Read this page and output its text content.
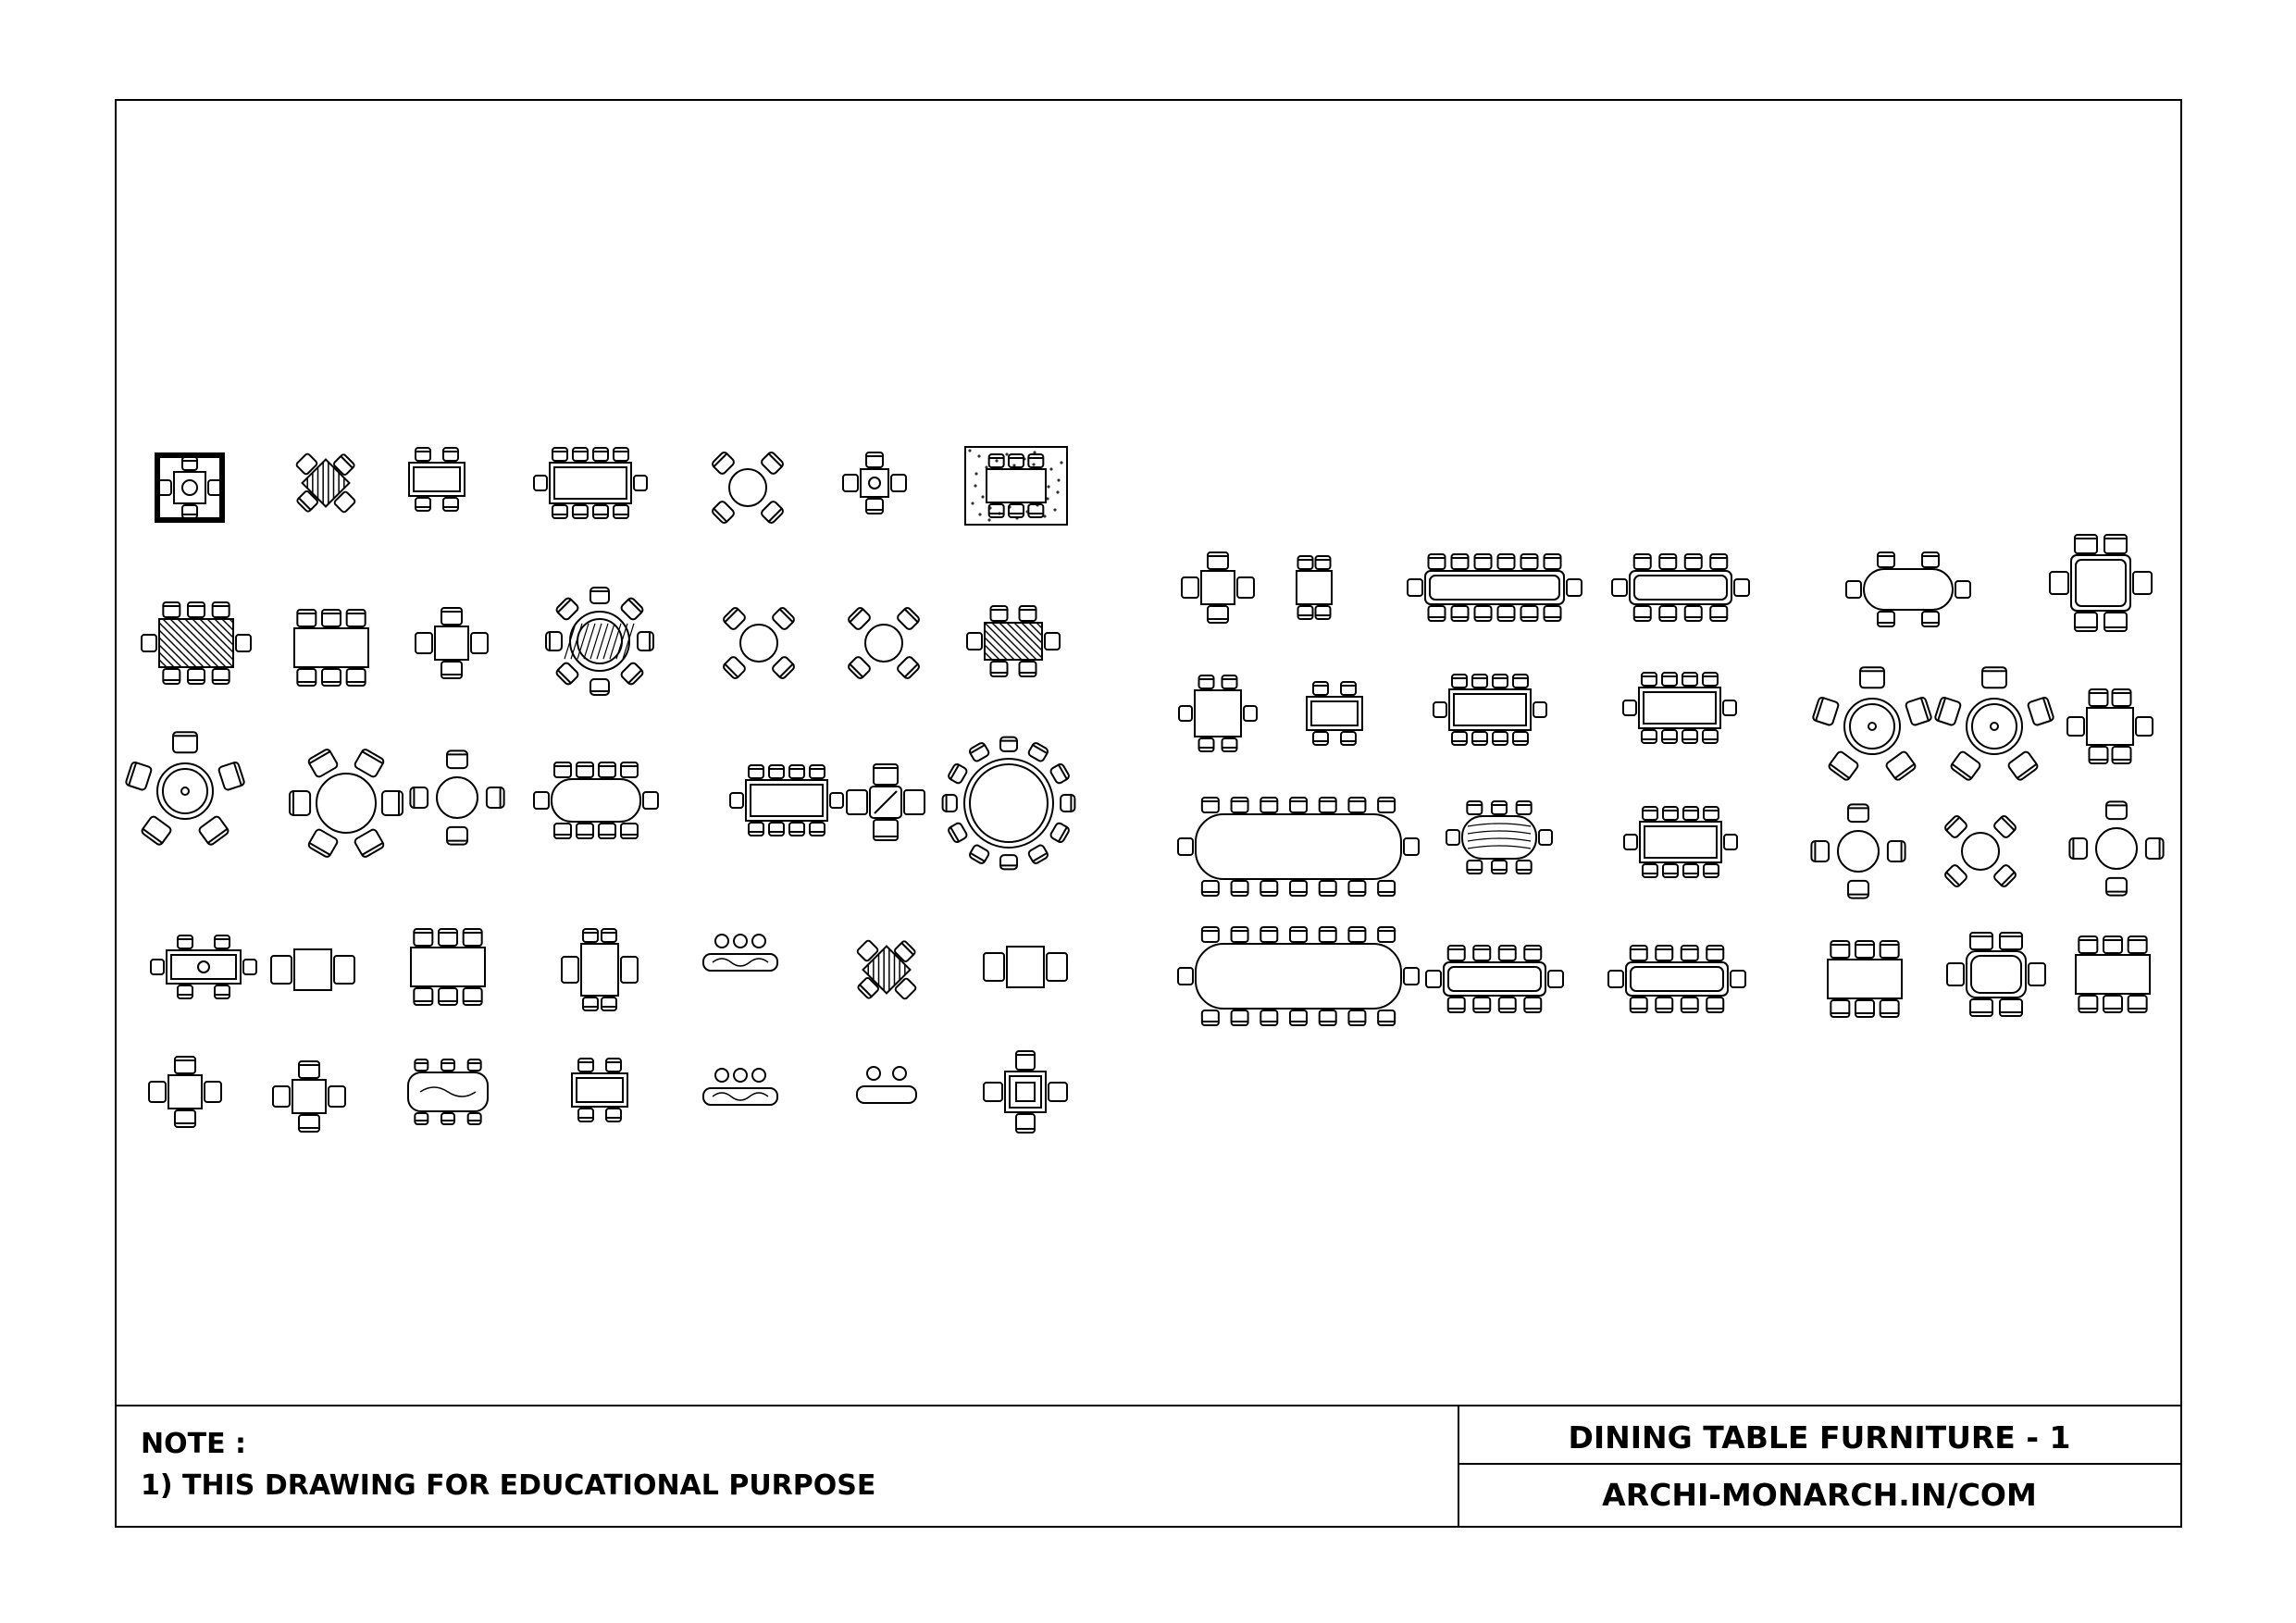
NOTE :
1) THIS DRAWING FOR EDUCATIONAL PURPOSE
DINING TABLE FURNITURE - 1
ARCHI-MONARCH.IN/COM
